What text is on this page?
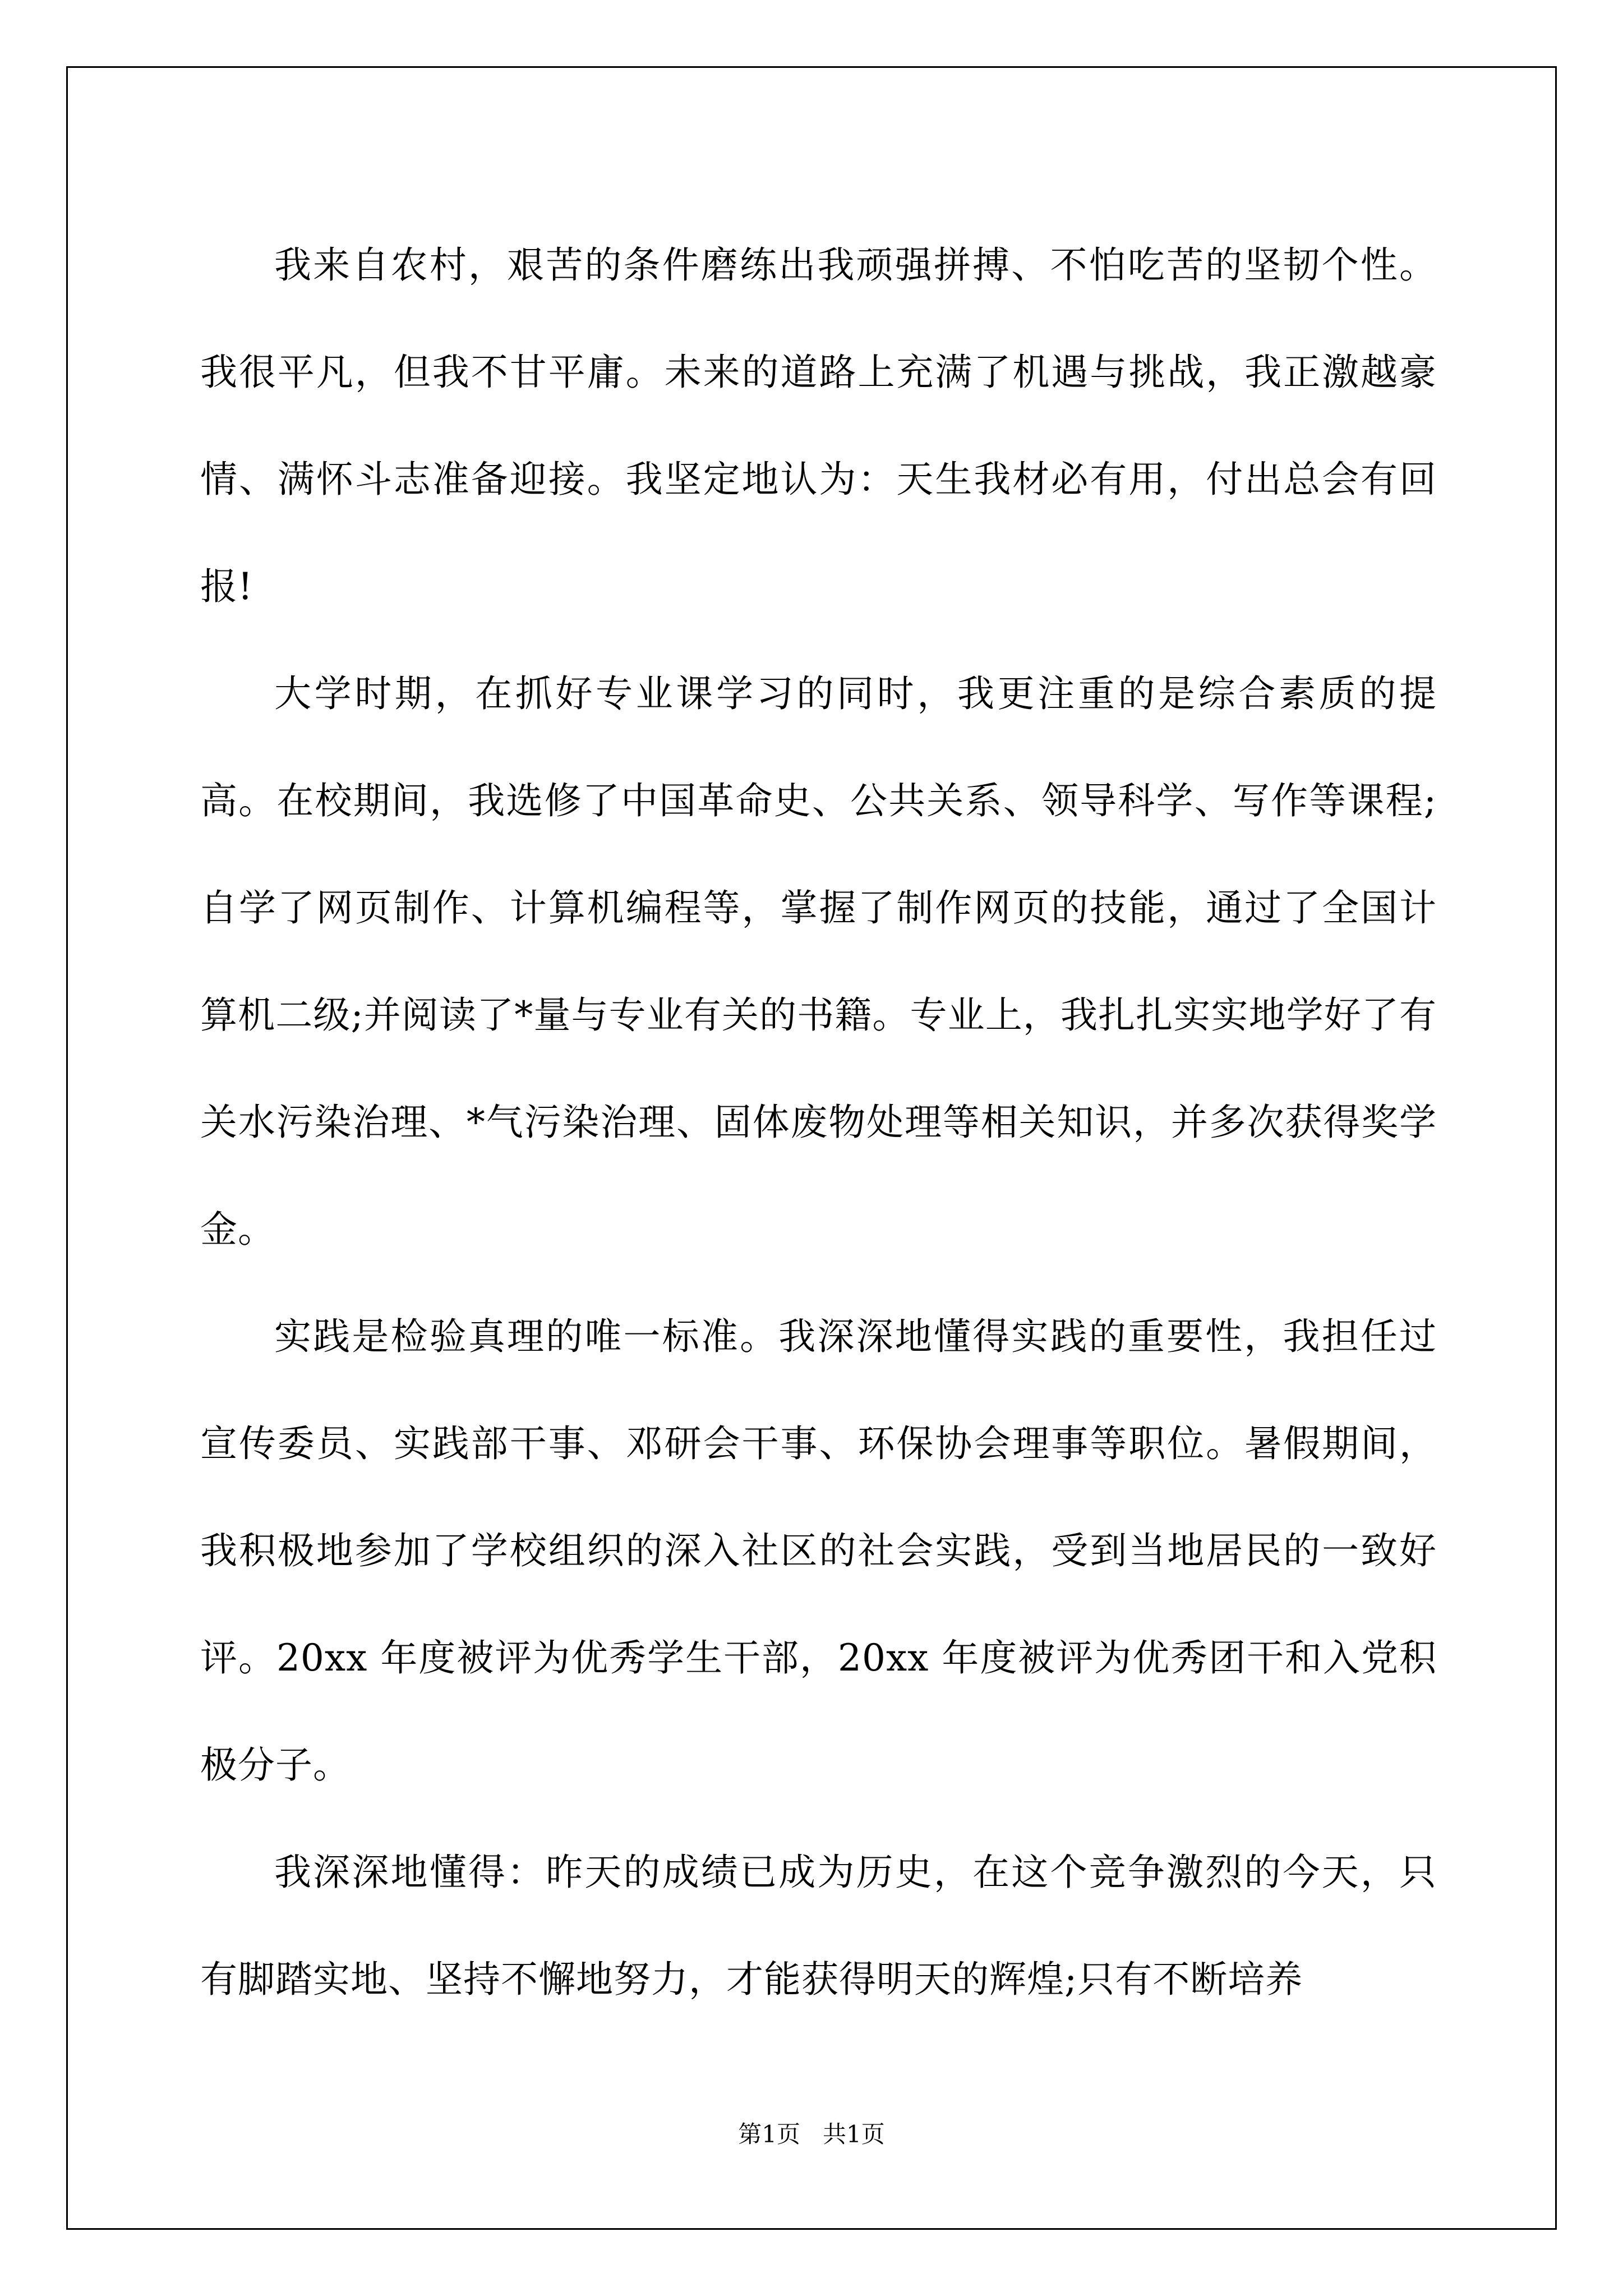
我来自农村，艰苦的条件磨练出我顽强拼搏、不怕吃苦的坚韧个性。我很平凡，但我不甘平庸。未来的道路上充满了机遇与挑战，我正激越豪情、满怀斗志准备迎接。我坚定地认为：天生我材必有用，付出总会有回报!

大学时期，在抓好专业课学习的同时，我更注重的是综合素质的提高。在校期间，我选修了中国革命史、公共关系、领导科学、写作等课程;自学了网页制作、计算机编程等，掌握了制作网页的技能，通过了全国计算机二级;并阅读了*量与专业有关的书籍。专业上，我扎扎实实地学好了有关水污染治理、*气污染治理、固体废物处理等相关知识，并多次获得奖学金。

实践是检验真理的唯一标准。我深深地懂得实践的重要性，我担任过宣传委员、实践部干事、邓研会干事、环保协会理事等职位。暑假期间，我积极地参加了学校组织的深入社区的社会实践，受到当地居民的一致好评。20xx 年度被评为优秀学生干部，20xx 年度被评为优秀团干和入党积极分子。

我深深地懂得：昨天的成绩已成为历史，在这个竞争激烈的今天，只有脚踏实地、坚持不懈地努力，才能获得明天的辉煌;只有不断培养

第1页   共1页
